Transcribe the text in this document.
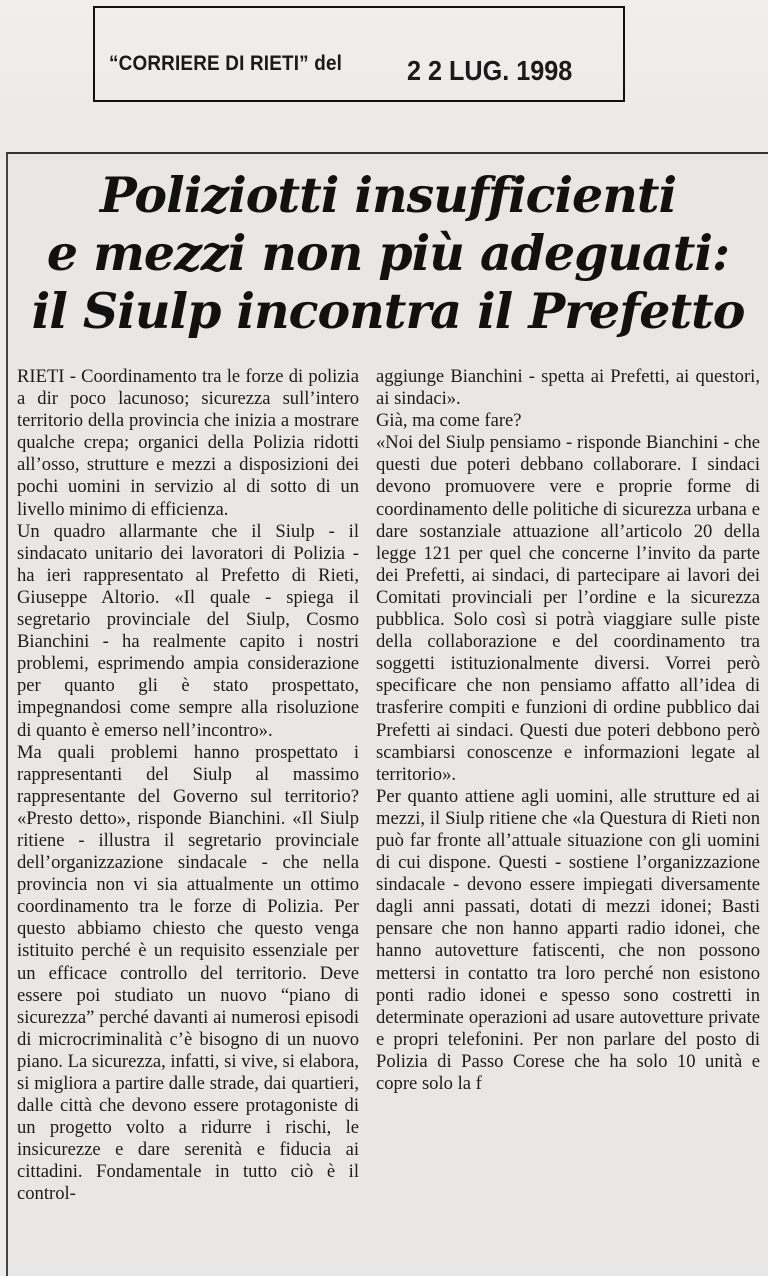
“CORRIERE DI RIETI” del 2 2 LUG. 1998
Poliziotti insufficienti
e mezzi non più adeguati:
il Siulp incontra il Prefetto

RIETI - Coordinamento tra le forze di polizia a dir poco lacunoso; sicurezza sull’intero territorio della provincia che inizia a mostrare qualche crepa; organici della Polizia ridotti all’osso, strutture e mezzi a disposizioni dei pochi uomini in servizio al di sotto di un livello minimo di efficienza.

Un quadro allarmante che il Siulp - il sindacato unitario dei lavoratori di Polizia - ha ieri rappresentato al Prefetto di Rieti, Giuseppe Altorio. «Il quale - spiega il segretario provinciale del Siulp, Cosmo Bianchini - ha realmente capito i nostri problemi, esprimendo ampia considerazione per quanto gli è stato prospettato, impegnandosi come sempre alla risoluzione di quanto è emerso nell’incontro».

Ma quali problemi hanno prospettato i rappresentanti del Siulp al massimo rappresentante del Governo sul territorio? «Presto detto», risponde Bianchini. «Il Siulp ritiene - illustra il segretario provinciale dell’organizzazione sindacale - che nella provincia non vi sia attualmente un ottimo coordinamento tra le forze di Polizia. Per questo abbiamo chiesto che questo venga istituito perché è un requisito essenziale per un efficace controllo del territorio. Deve essere poi studiato un nuovo “piano di sicurezza” perché davanti ai numerosi episodi di microcriminalità c’è bisogno di un nuovo piano. La sicurezza, infatti, si vive, si elabora, si migliora a partire dalle strade, dai quartieri, dalle città che devono essere protagoniste di un progetto volto a ridurre i rischi, le insicurezze e dare serenità e fiducia ai cittadini. Fondamentale in tutto ciò è il control-

aggiunge Bianchini - spetta ai Prefetti, ai questori, ai sindaci».

Già, ma come fare?

«Noi del Siulp pensiamo - risponde Bianchini - che questi due poteri debbano collaborare. I sindaci devono promuovere vere e proprie forme di coordinamento delle politiche di sicurezza urbana e dare sostanziale attuazione all’articolo 20 della legge 121 per quel che concerne l’invito da parte dei Prefetti, ai sindaci, di partecipare ai lavori dei Comitati provinciali per l’ordine e la sicurezza pubblica. Solo così si potrà viaggiare sulle piste della collaborazione e del coordinamento tra soggetti istituzionalmente diversi. Vorrei però specificare che non pensiamo affatto all’idea di trasferire compiti e funzioni di ordine pubblico dai Prefetti ai sindaci. Questi due poteri debbono però scambiarsi conoscenze e informazioni legate al territorio».

Per quanto attiene agli uomini, alle strutture ed ai mezzi, il Siulp ritiene che «la Questura di Rieti non può far fronte all’attuale situazione con gli uomini di cui dispone. Questi - sostiene l’organizzazione sindacale - devono essere impiegati diversamente dagli anni passati, dotati di mezzi idonei; Basti pensare che non hanno apparti radio idonei, che hanno autovetture fatiscenti, che non possono mettersi in contatto tra loro perché non esistono ponti radio idonei e spesso sono costretti in determinate operazioni ad usare autovetture private e propri telefonini. Per non parlare del posto di Polizia di Passo Corese che ha solo 10 unità e copre solo la f
